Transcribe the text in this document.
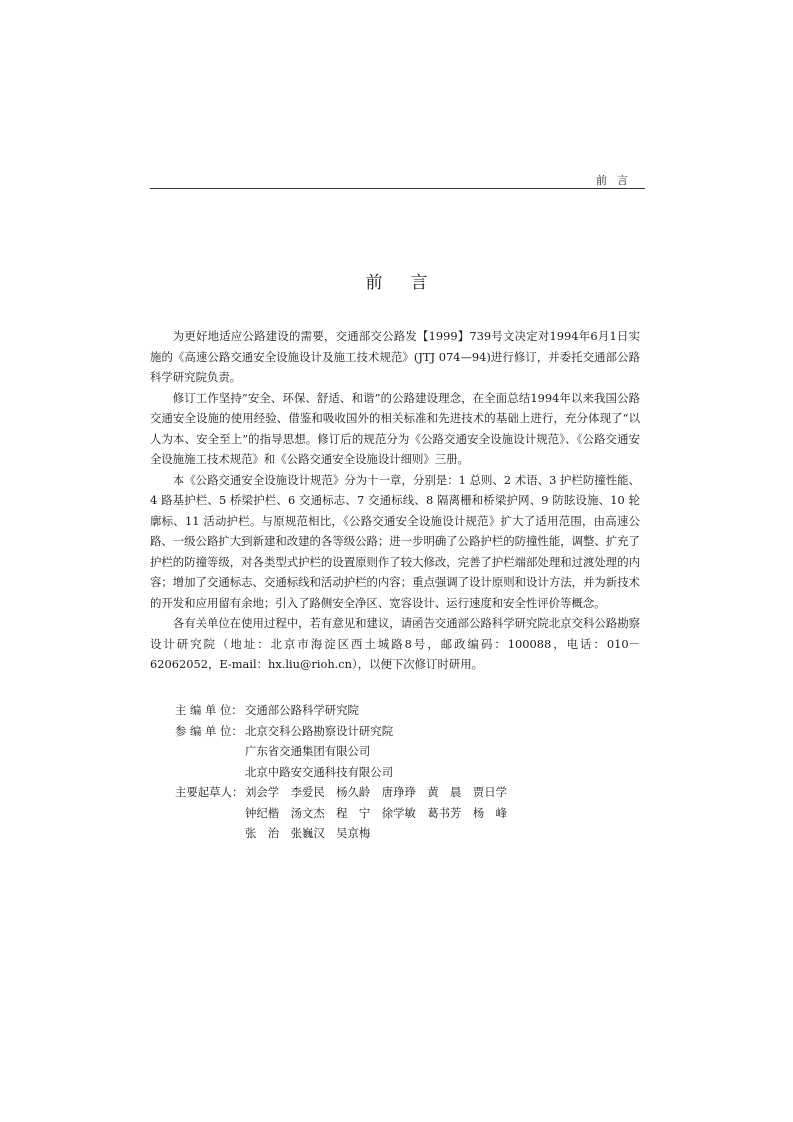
前言
前言

为更好地适应公路建设的需要，交通部交公路发【1999】739号文决定对1994年6月1日实施的《高速公路交通安全设施设计及施工技术规范》(JTJ 074—94)进行修订，并委托交通部公路科学研究院负责。

修订工作坚持“安全、环保、舒适、和谐”的公路建设理念，在全面总结1994年以来我国公路交通安全设施的使用经验、借鉴和吸收国外的相关标准和先进技术的基础上进行，充分体现了“以人为本、安全至上”的指导思想。修订后的规范分为《公路交通安全设施设计规范》、《公路交通安全设施施工技术规范》和《公路交通安全设施设计细则》三册。

本《公路交通安全设施设计规范》分为十一章，分别是：1 总则、2 术语、3 护栏防撞性能、4 路基护栏、5 桥梁护栏、6 交通标志、7 交通标线、8 隔离栅和桥梁护网、9 防眩设施、10 轮廓标、11 活动护栏。与原规范相比，《公路交通安全设施设计规范》扩大了适用范围，由高速公路、一级公路扩大到新建和改建的各等级公路；进一步明确了公路护栏的防撞性能，调整、扩充了护栏的防撞等级，对各类型式护栏的设置原则作了较大修改，完善了护栏端部处理和过渡处理的内容；增加了交通标志、交通标线和活动护栏的内容；重点强调了设计原则和设计方法，并为新技术的开发和应用留有余地；引入了路侧安全净区、宽容设计、运行速度和安全性评价等概念。

各有关单位在使用过程中，若有意见和建议，请函告交通部公路科学研究院北京交科公路勘察设计研究院（地址：北京市海淀区西土城路8号，邮政编码：100088，电话：010－62062052，E-mail：hx.liu@rioh.cn），以便下次修订时研用。

主 编 单 位： 交通部公路科学研究院
参 编 单 位： 北京交科公路勘察设计研究院
广东省交通集团有限公司
北京中路安交通科技有限公司
主要起草人： 刘会学　李爱民　杨久龄　唐琤琤　黄　晨　贾日学
钟纪楷　汤文杰　程　宁　徐学敏　葛书芳　杨　峰
张　治　张巍汉　吴京梅
